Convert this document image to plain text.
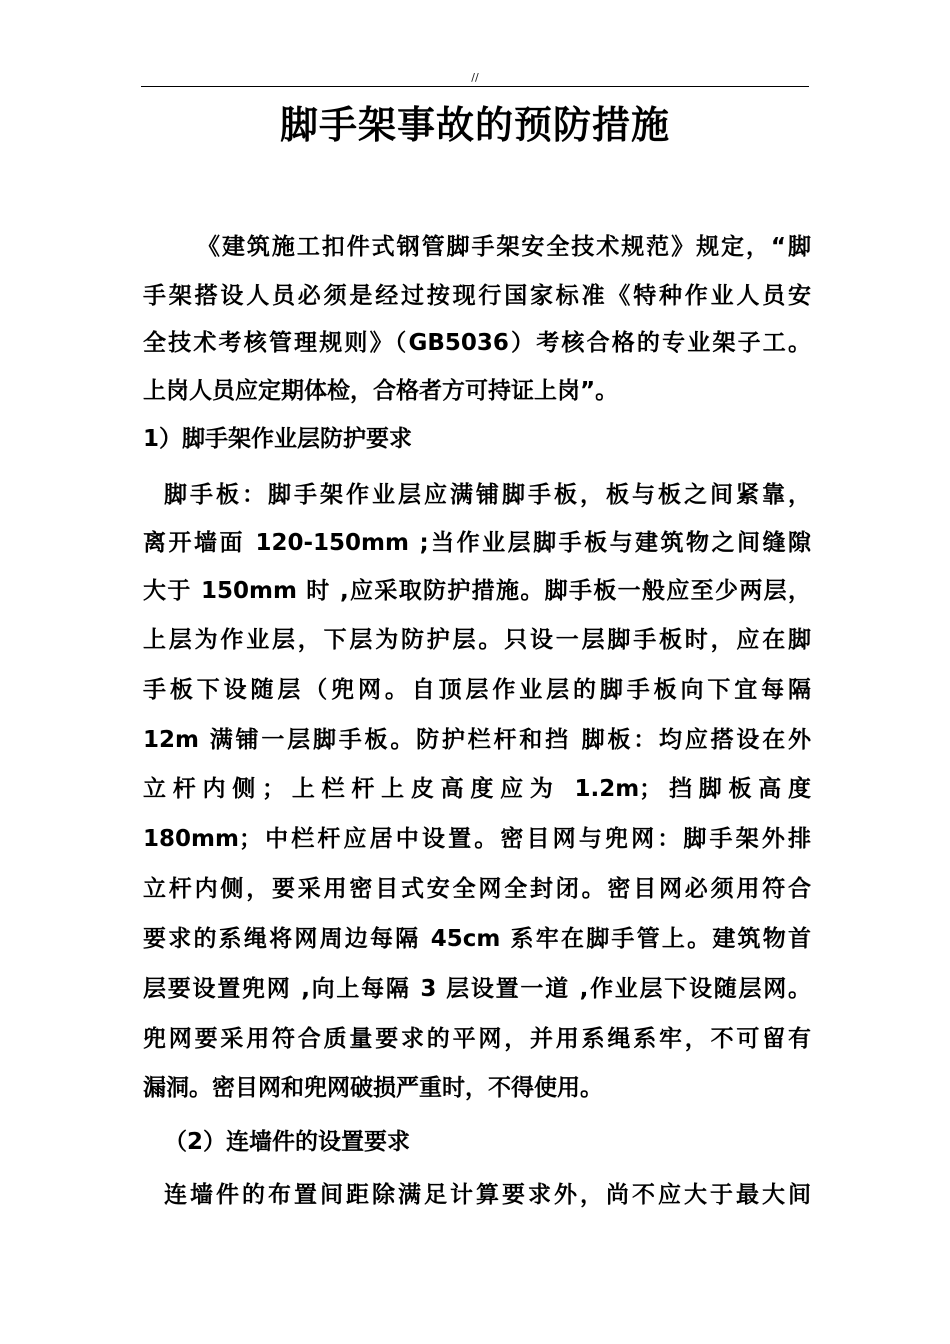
//
脚手架事故的预防措施
《建筑施工扣件式钢管脚手架安全技术规范》规定，“脚
手架搭设人员必须是经过按现行国家标准《特种作业人员安
全技术考核管理规则》（GB5036）考核合格的专业架子工。
上岗人员应定期体检，合格者方可持证上岗”。
1）脚手架作业层防护要求
脚手板：脚手架作业层应满铺脚手板，板与板之间紧靠，
离开墙面 120-150mm ;当作业层脚手板与建筑物之间缝隙
大于 150mm 时 ,应采取防护措施。脚手板一般应至少两层，
上层为作业层，下层为防护层。只设一层脚手板时，应在脚
手板下设随层（兜网。自顶层作业层的脚手板向下宜每隔
12m 满铺一层脚手板。防护栏杆和挡 脚板：均应搭设在外
立杆内侧；上栏杆上皮高度应为 1.2m；挡脚板高度
180mm；中栏杆应居中设置。密目网与兜网：脚手架外排
立杆内侧，要采用密目式安全网全封闭。密目网必须用符合
要求的系绳将网周边每隔 45cm 系牢在脚手管上。建筑物首
层要设置兜网 ,向上每隔 3 层设置一道 ,作业层下设随层网。
兜网要采用符合质量要求的平网，并用系绳系牢，不可留有
漏洞。密目网和兜网破损严重时，不得使用。
（2）连墙件的设置要求
连墙件的布置间距除满足计算要求外，尚不应大于最大间
